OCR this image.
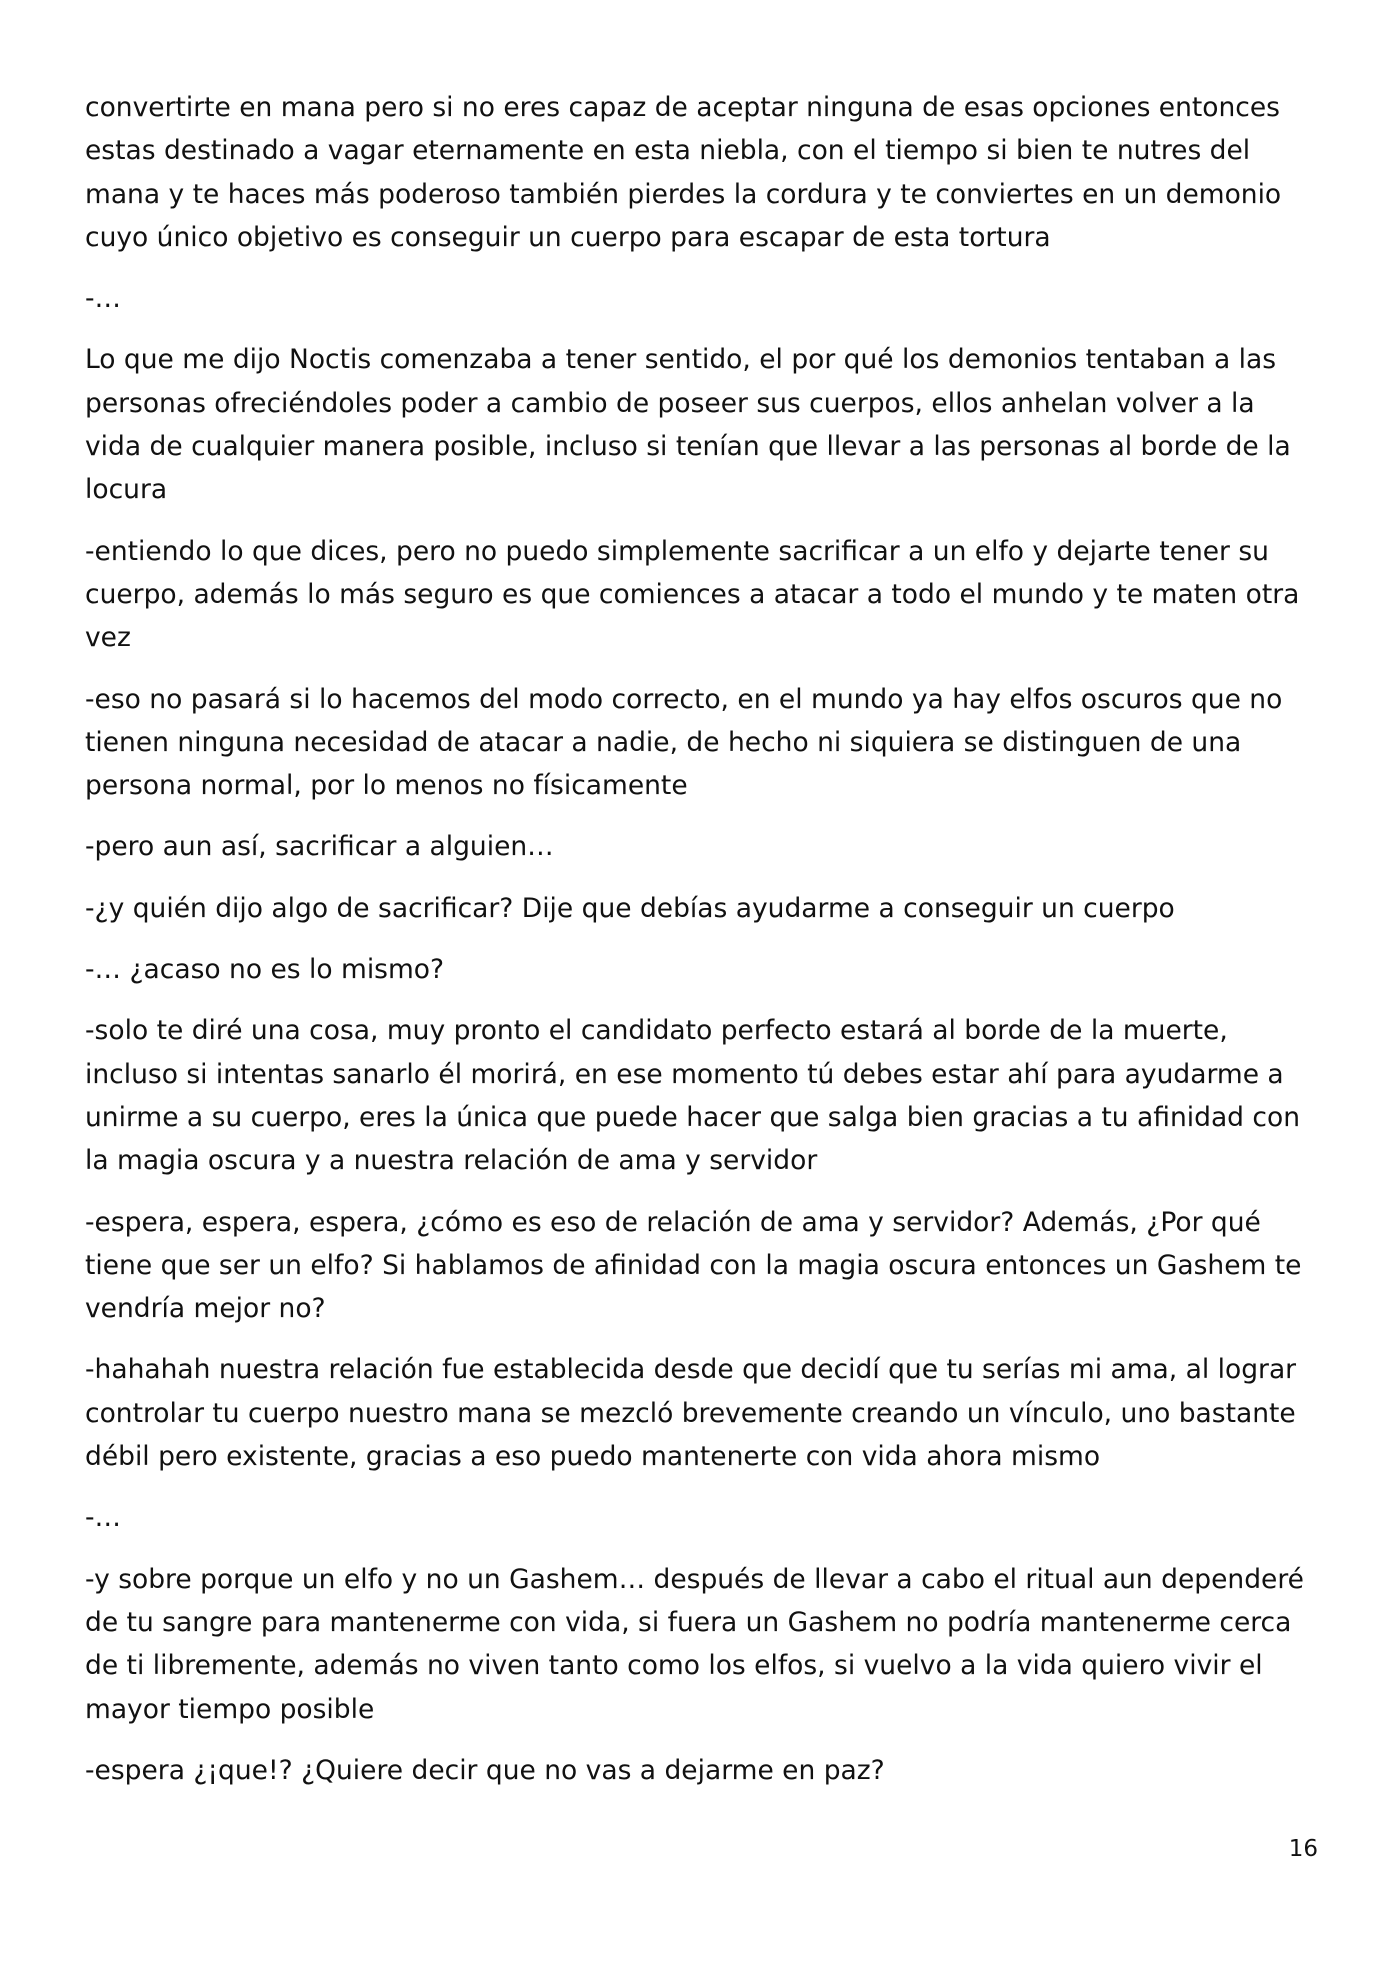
convertirte en mana pero si no eres capaz de aceptar ninguna de esas opciones entonces
estas destinado a vagar eternamente en esta niebla, con el tiempo si bien te nutres del
mana y te haces más poderoso también pierdes la cordura y te conviertes en un demonio
cuyo único objetivo es conseguir un cuerpo para escapar de esta tortura

-…

Lo que me dijo Noctis comenzaba a tener sentido, el por qué los demonios tentaban a las
personas ofreciéndoles poder a cambio de poseer sus cuerpos, ellos anhelan volver a la
vida de cualquier manera posible, incluso si tenían que llevar a las personas al borde de la
locura

-entiendo lo que dices, pero no puedo simplemente sacrificar a un elfo y dejarte tener su
cuerpo, además lo más seguro es que comiences a atacar a todo el mundo y te maten otra
vez

-eso no pasará si lo hacemos del modo correcto, en el mundo ya hay elfos oscuros que no
tienen ninguna necesidad de atacar a nadie, de hecho ni siquiera se distinguen de una
persona normal, por lo menos no físicamente

-pero aun así, sacrificar a alguien…

-¿y quién dijo algo de sacrificar? Dije que debías ayudarme a conseguir un cuerpo

-… ¿acaso no es lo mismo?

-solo te diré una cosa, muy pronto el candidato perfecto estará al borde de la muerte,
incluso si intentas sanarlo él morirá, en ese momento tú debes estar ahí para ayudarme a
unirme a su cuerpo, eres la única que puede hacer que salga bien gracias a tu afinidad con
la magia oscura y a nuestra relación de ama y servidor

-espera, espera, espera, ¿cómo es eso de relación de ama y servidor? Además, ¿Por qué
tiene que ser un elfo? Si hablamos de afinidad con la magia oscura entonces un Gashem te
vendría mejor no?

-hahahah nuestra relación fue establecida desde que decidí que tu serías mi ama, al lograr
controlar tu cuerpo nuestro mana se mezcló brevemente creando un vínculo, uno bastante
débil pero existente, gracias a eso puedo mantenerte con vida ahora mismo

-…

-y sobre porque un elfo y no un Gashem… después de llevar a cabo el ritual aun dependeré
de tu sangre para mantenerme con vida, si fuera un Gashem no podría mantenerme cerca
de ti libremente, además no viven tanto como los elfos, si vuelvo a la vida quiero vivir el
mayor tiempo posible

-espera ¿¡que!? ¿Quiere decir que no vas a dejarme en paz?

16
